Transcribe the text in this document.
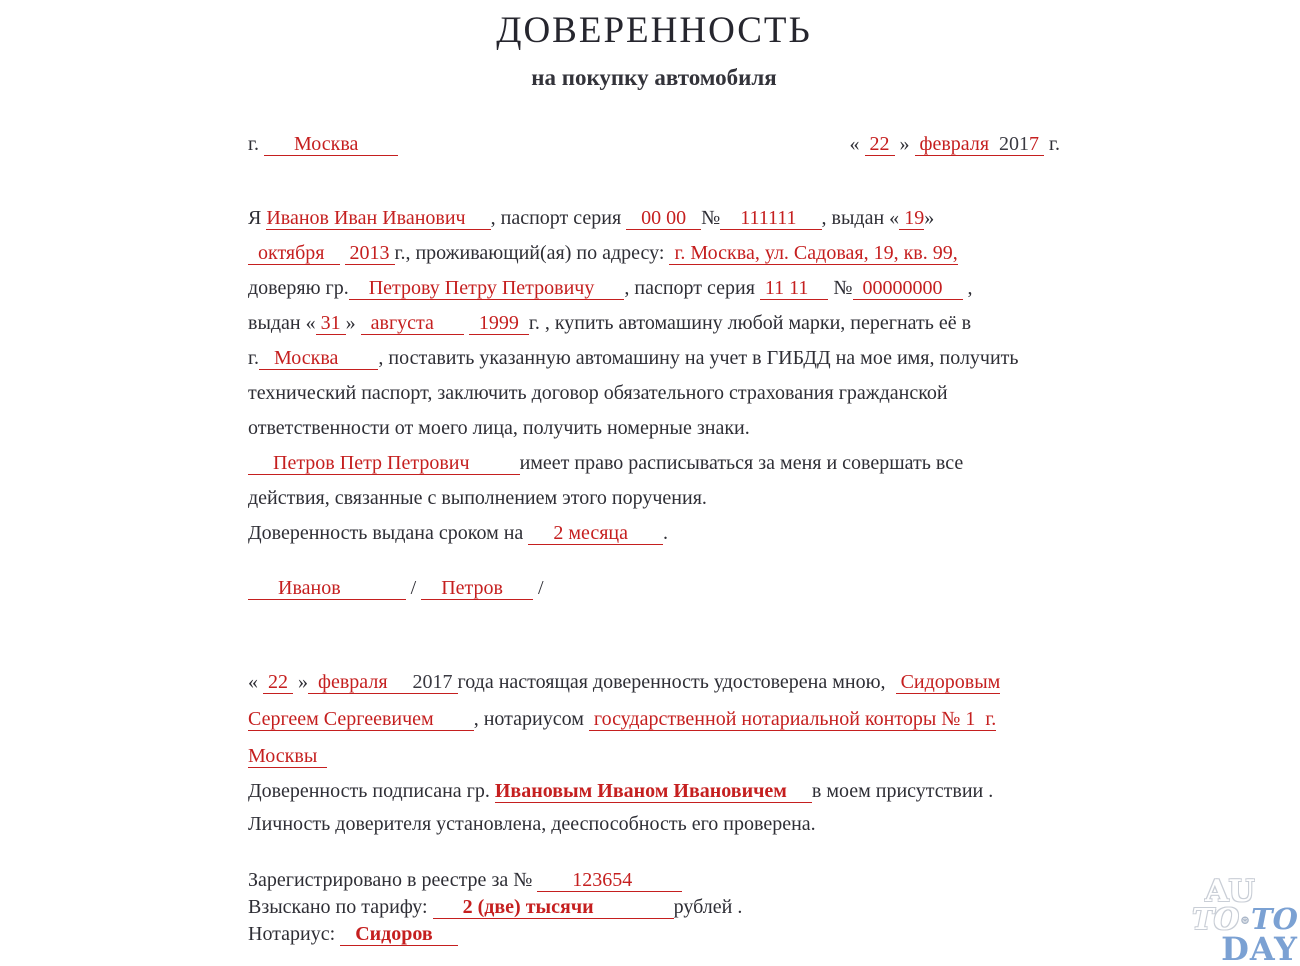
ДОВЕРЕННОСТЬ
на покупку автомобиля
г.       Москва	«  22  »  февраля  2017  г.

Я Иванов Иван Иванович     , паспорт серия    00 00   №    111111     , выдан « 19»
октября     2013 г., проживающий(ая) по адресу:  г. Москва, ул. Садовая, 19, кв. 99,
доверяю гр.    Петрову Петру Петровичу      , паспорт серия  11 11     №  00000000     ,
выдан « 31 »   августа         1999  г. , купить автомашину любой марки, перегнать её в
г.   Москва        , поставить указанную автомашину на учет в ГИБДД на мое имя, получить
технический паспорт, заключить договор обязательного страхования гражданской
ответственности от моего лица, получить номерные знаки.

Петров Петр Петрович          имеет право расписываться за меня и совершать все
действия, связанные с выполнением этого поручения.
Доверенность выдана сроком на      2 месяца       .

Иванов              /     Петров       /

«  22  »  февраля     2017 года настоящая доверенность удостоверена мною,   Сидоровым
Сергеем Сергеевичем        , нотариусом  государственной нотариальной конторы № 1  г.
Москвы

Доверенность подписана гр. Ивановым Иваном Ивановичем     в моем присутствии .

Личность доверителя установлена, дееспособность его проверена.

Зарегистрировано в реестре за №        123654
Взыскано по тарифу:       2 (две) тысячи                рублей .
Нотариус:    Сидоров

AU
TO⊛TO
DAY
